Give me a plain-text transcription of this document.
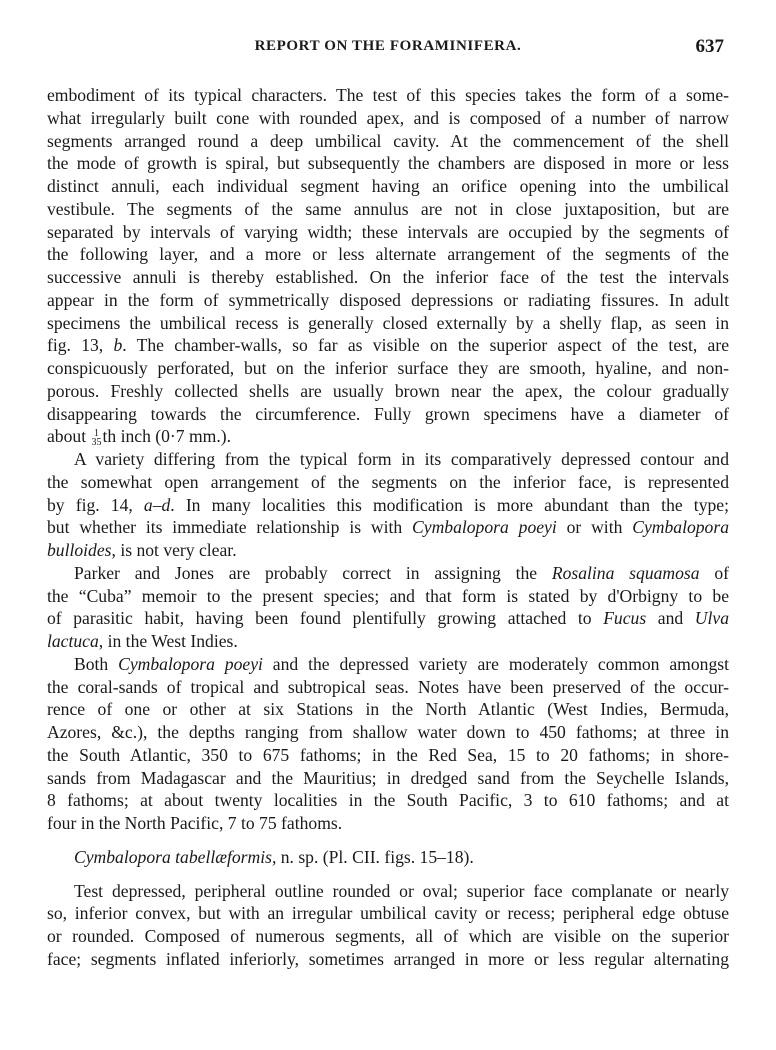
REPORT ON THE FORAMINIFERA.	637
embodiment of its typical characters. The test of this species takes the form of a some-
what irregularly built cone with rounded apex, and is composed of a number of narrow
segments arranged round a deep umbilical cavity. At the commencement of the shell
the mode of growth is spiral, but subsequently the chambers are disposed in more or less
distinct annuli, each individual segment having an orifice opening into the umbilical
vestibule. The segments of the same annulus are not in close juxtaposition, but are
separated by intervals of varying width; these intervals are occupied by the segments of
the following layer, and a more or less alternate arrangement of the segments of the
successive annuli is thereby established. On the inferior face of the test the intervals
appear in the form of symmetrically disposed depressions or radiating fissures. In adult
specimens the umbilical recess is generally closed externally by a shelly flap, as seen in
fig. 13, b. The chamber-walls, so far as visible on the superior aspect of the test, are
conspicuously perforated, but on the inferior surface they are smooth, hyaline, and non-
porous. Freshly collected shells are usually brown near the apex, the colour gradually
disappearing towards the circumference. Fully grown specimens have a diameter of
about 1
35 th inch (0·7 mm.).
A variety differing from the typical form in its comparatively depressed contour and
the somewhat open arrangement of the segments on the inferior face, is represented
by fig. 14, a–d. In many localities this modification is more abundant than the type;
but whether its immediate relationship is with Cymbalopora poeyi or with Cymbalopora
bulloides, is not very clear.
Parker and Jones are probably correct in assigning the Rosalina squamosa of
the “Cuba” memoir to the present species; and that form is stated by d'Orbigny to be
of parasitic habit, having been found plentifully growing attached to Fucus and Ulva
lactuca, in the West Indies.
Both Cymbalopora poeyi and the depressed variety are moderately common amongst
the coral-sands of tropical and subtropical seas. Notes have been preserved of the occur-
rence of one or other at six Stations in the North Atlantic (West Indies, Bermuda,
Azores, &c.), the depths ranging from shallow water down to 450 fathoms; at three in
the South Atlantic, 350 to 675 fathoms; in the Red Sea, 15 to 20 fathoms; in shore-
sands from Madagascar and the Mauritius; in dredged sand from the Seychelle Islands,
8 fathoms; at about twenty localities in the South Pacific, 3 to 610 fathoms; and at
four in the North Pacific, 7 to 75 fathoms.
Cymbalopora tabellæformis, n. sp. (Pl. CII. figs. 15–18).
Test depressed, peripheral outline rounded or oval; superior face complanate or nearly
so, inferior convex, but with an irregular umbilical cavity or recess; peripheral edge obtuse
or rounded. Composed of numerous segments, all of which are visible on the superior
face; segments inflated inferiorly, sometimes arranged in more or less regular alternating
